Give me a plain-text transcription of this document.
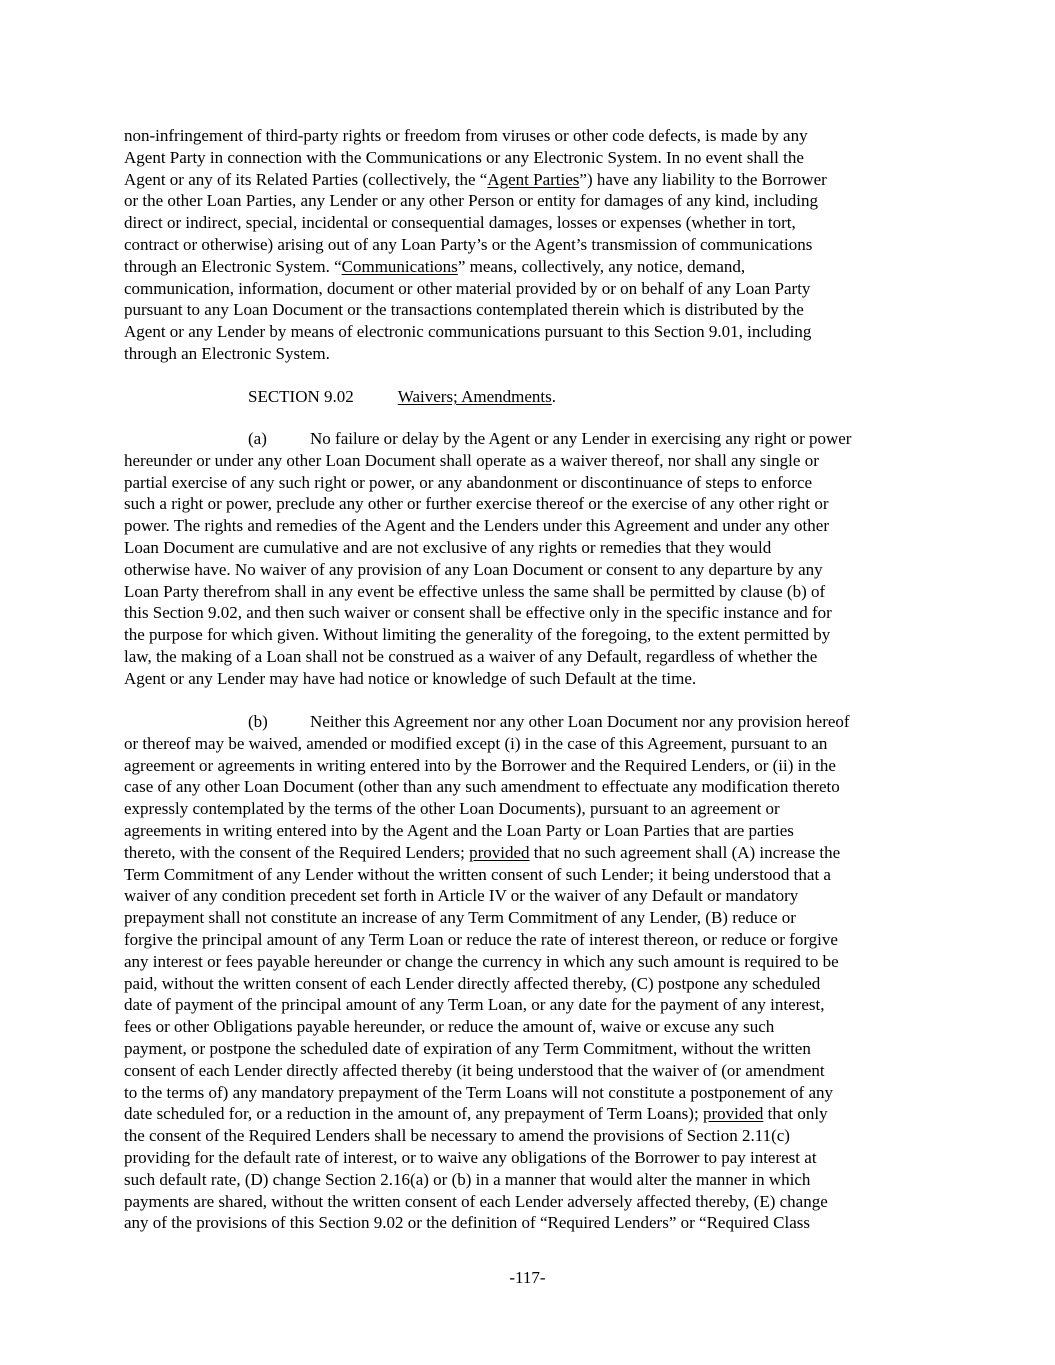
non-infringement of third-party rights or freedom from viruses or other code defects, is made by any
Agent Party in connection with the Communications or any Electronic System. In no event shall the
Agent or any of its Related Parties (collectively, the “Agent Parties”) have any liability to the Borrower
or the other Loan Parties, any Lender or any other Person or entity for damages of any kind, including
direct or indirect, special, incidental or consequential damages, losses or expenses (whether in tort,
contract or otherwise) arising out of any Loan Party’s or the Agent’s transmission of communications
through an Electronic System. “Communications” means, collectively, any notice, demand,
communication, information, document or other material provided by or on behalf of any Loan Party
pursuant to any Loan Document or the transactions contemplated therein which is distributed by the
Agent or any Lender by means of electronic communications pursuant to this Section 9.01, including
through an Electronic System.
SECTION 9.02	Waivers; Amendments.
(a)	No failure or delay by the Agent or any Lender in exercising any right or power
hereunder or under any other Loan Document shall operate as a waiver thereof, nor shall any single or
partial exercise of any such right or power, or any abandonment or discontinuance of steps to enforce
such a right or power, preclude any other or further exercise thereof or the exercise of any other right or
power. The rights and remedies of the Agent and the Lenders under this Agreement and under any other
Loan Document are cumulative and are not exclusive of any rights or remedies that they would
otherwise have. No waiver of any provision of any Loan Document or consent to any departure by any
Loan Party therefrom shall in any event be effective unless the same shall be permitted by clause (b) of
this Section 9.02, and then such waiver or consent shall be effective only in the specific instance and for
the purpose for which given. Without limiting the generality of the foregoing, to the extent permitted by
law, the making of a Loan shall not be construed as a waiver of any Default, regardless of whether the
Agent or any Lender may have had notice or knowledge of such Default at the time.
(b) Neither this Agreement nor any other Loan Document nor any provision hereof
or thereof may be waived, amended or modified except (i) in the case of this Agreement, pursuant to an
agreement or agreements in writing entered into by the Borrower and the Required Lenders, or (ii) in the
case of any other Loan Document (other than any such amendment to effectuate any modification thereto
expressly contemplated by the terms of the other Loan Documents), pursuant to an agreement or
agreements in writing entered into by the Agent and the Loan Party or Loan Parties that are parties
thereto, with the consent of the Required Lenders; provided that no such agreement shall (A) increase the
Term Commitment of any Lender without the written consent of such Lender; it being understood that a
waiver of any condition precedent set forth in Article IV or the waiver of any Default or mandatory
prepayment shall not constitute an increase of any Term Commitment of any Lender, (B) reduce or
forgive the principal amount of any Term Loan or reduce the rate of interest thereon, or reduce or forgive
any interest or fees payable hereunder or change the currency in which any such amount is required to be
paid, without the written consent of each Lender directly affected thereby, (C) postpone any scheduled
date of payment of the principal amount of any Term Loan, or any date for the payment of any interest,
fees or other Obligations payable hereunder, or reduce the amount of, waive or excuse any such
payment, or postpone the scheduled date of expiration of any Term Commitment, without the written
consent of each Lender directly affected thereby (it being understood that the waiver of (or amendment
to the terms of) any mandatory prepayment of the Term Loans will not constitute a postponement of any
date scheduled for, or a reduction in the amount of, any prepayment of Term Loans); provided that only
the consent of the Required Lenders shall be necessary to amend the provisions of Section 2.11(c)
providing for the default rate of interest, or to waive any obligations of the Borrower to pay interest at
such default rate, (D) change Section 2.16(a) or (b) in a manner that would alter the manner in which
payments are shared, without the written consent of each Lender adversely affected thereby, (E) change
any of the provisions of this Section 9.02 or the definition of “Required Lenders” or “Required Class

-117-
